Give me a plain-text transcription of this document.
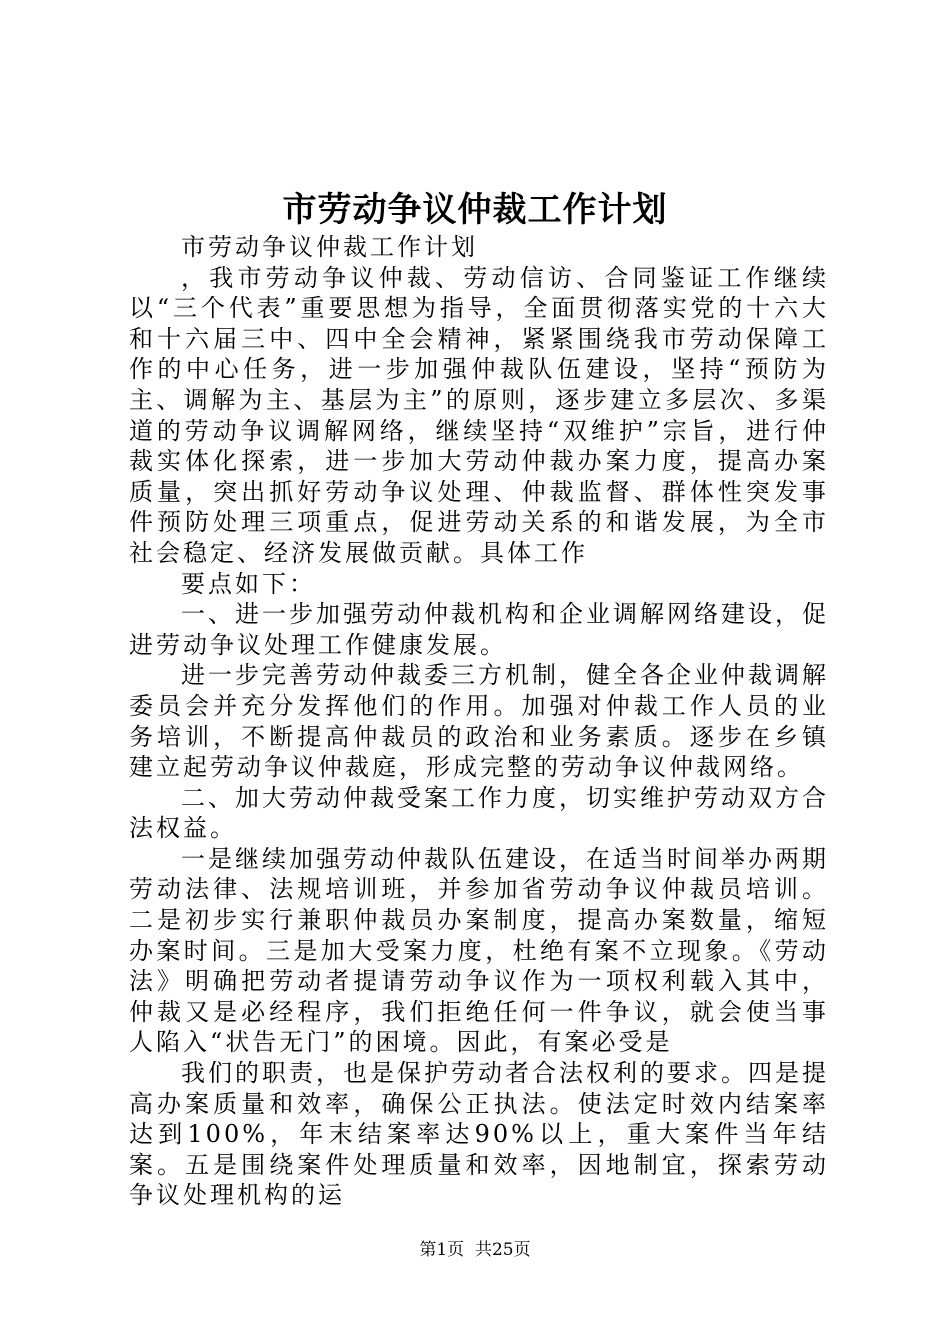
市劳动争议仲裁工作计划

市劳动争议仲裁工作计划

，我市劳动争议仲裁、劳动信访、合同鉴证工作继续以“三个代表”重要思想为指导，全面贯彻落实党的十六大和十六届三中、四中全会精神，紧紧围绕我市劳动保障工作的中心任务，进一步加强仲裁队伍建设，坚持“预防为主、调解为主、基层为主”的原则，逐步建立多层次、多渠道的劳动争议调解网络，继续坚持“双维护”宗旨，进行仲裁实体化探索，进一步加大劳动仲裁办案力度，提高办案质量，突出抓好劳动争议处理、仲裁监督、群体性突发事件预防处理三项重点，促进劳动关系的和谐发展，为全市社会稳定、经济发展做贡献。具体工作

要点如下：

一、进一步加强劳动仲裁机构和企业调解网络建设，促进劳动争议处理工作健康发展。

进一步完善劳动仲裁委三方机制，健全各企业仲裁调解委员会并充分发挥他们的作用。加强对仲裁工作人员的业务培训，不断提高仲裁员的政治和业务素质。逐步在乡镇建立起劳动争议仲裁庭，形成完整的劳动争议仲裁网络。

二、加大劳动仲裁受案工作力度，切实维护劳动双方合法权益。

一是继续加强劳动仲裁队伍建设，在适当时间举办两期劳动法律、法规培训班，并参加省劳动争议仲裁员培训。二是初步实行兼职仲裁员办案制度，提高办案数量，缩短办案时间。三是加大受案力度，杜绝有案不立现象。《劳动法》明确把劳动者提请劳动争议作为一项权利载入其中，仲裁又是必经程序，我们拒绝任何一件争议，就会使当事人陷入“状告无门”的困境。因此，有案必受是

我们的职责，也是保护劳动者合法权利的要求。四是提高办案质量和效率，确保公正执法。使法定时效内结案率达到100%，年末结案率达90%以上，重大案件当年结案。五是围绕案件处理质量和效率，因地制宜，探索劳动争议处理机构的运

第1页  共25页
